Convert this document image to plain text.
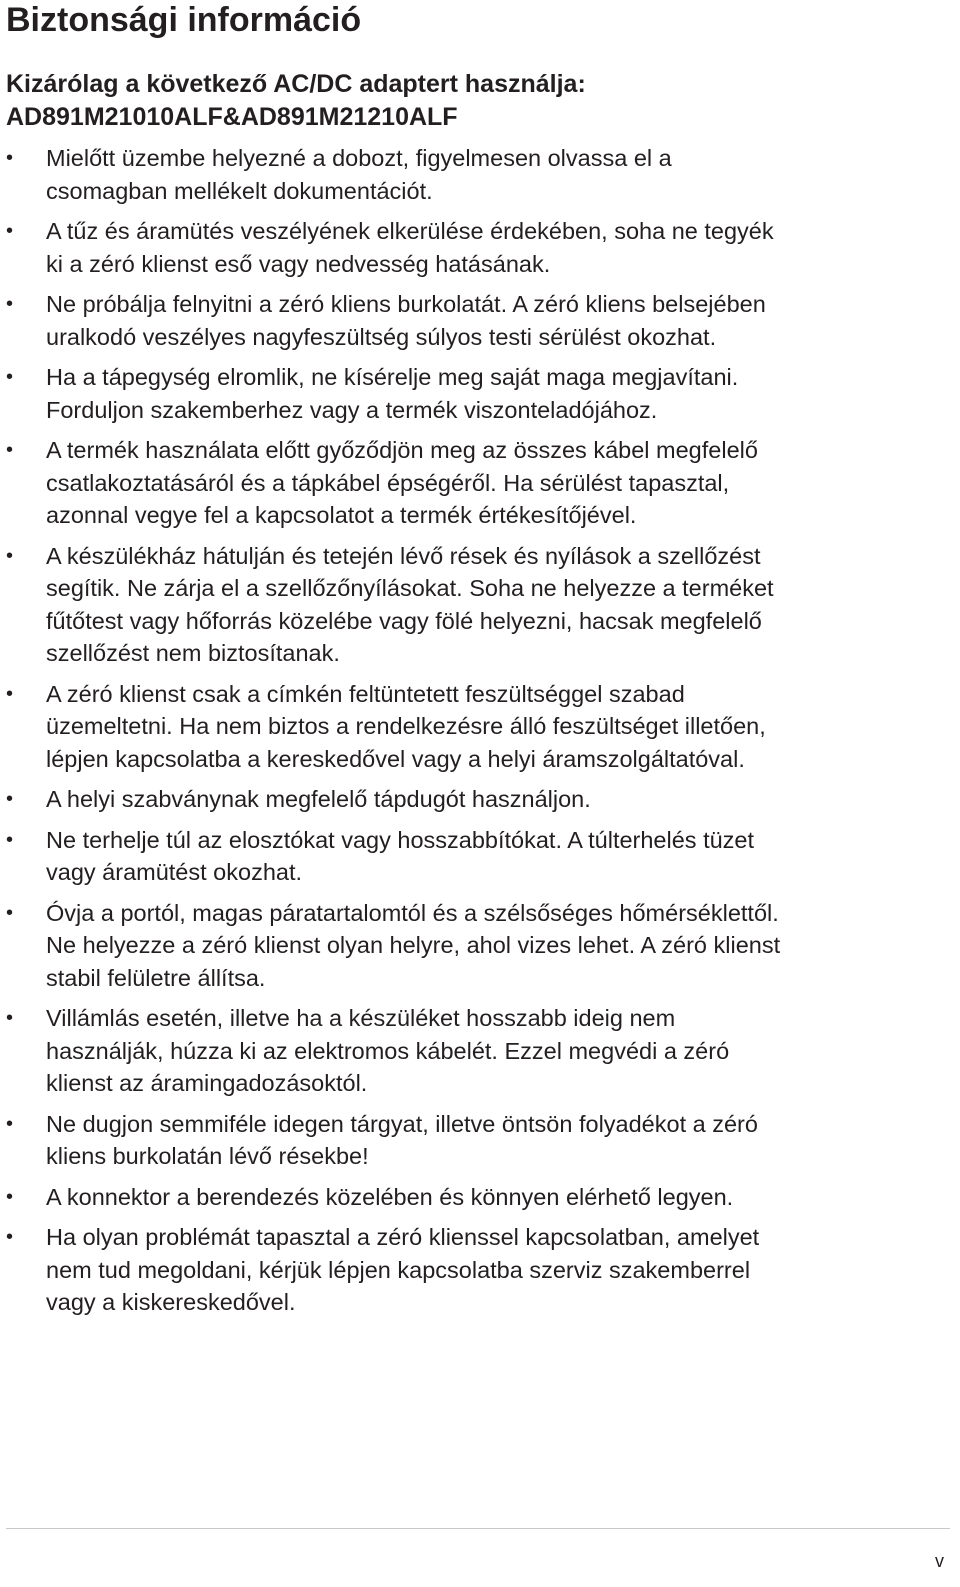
Biztonsági információ
Kizárólag a következő AC/DC adaptert használja:
AD891M21010ALF&AD891M21210ALF
• Mielőtt üzembe helyezné a dobozt, figyelmesen olvassa el a
csomagban mellékelt dokumentációt.
• A tűz és áramütés veszélyének elkerülése érdekében, soha ne tegyék
ki a zéró klienst eső vagy nedvesség hatásának.
• Ne próbálja felnyitni a zéró kliens burkolatát. A zéró kliens belsejében
uralkodó veszélyes nagyfeszültség súlyos testi sérülést okozhat.
• Ha a tápegység elromlik, ne kísérelje meg saját maga megjavítani.
Forduljon szakemberhez vagy a termék viszonteladójához.
• A termék használata előtt győződjön meg az összes kábel megfelelő
csatlakoztatásáról és a tápkábel épségéről. Ha sérülést tapasztal,
azonnal vegye fel a kapcsolatot a termék értékesítőjével.
• A készülékház hátulján és tetején lévő rések és nyílások a szellőzést
segítik. Ne zárja el a szellőzőnyílásokat. Soha ne helyezze a terméket
fűtőtest vagy hőforrás közelébe vagy fölé helyezni, hacsak megfelelő
szellőzést nem biztosítanak.
• A zéró klienst csak a címkén feltüntetett feszültséggel szabad
üzemeltetni. Ha nem biztos a rendelkezésre álló feszültséget illetően,
lépjen kapcsolatba a kereskedővel vagy a helyi áramszolgáltatóval.
• A helyi szabványnak megfelelő tápdugót használjon.
• Ne terhelje túl az elosztókat vagy hosszabbítókat. A túlterhelés tüzet
vagy áramütést okozhat.
• Óvja a portól, magas páratartalomtól és a szélsőséges hőmérséklettől.
Ne helyezze a zéró klienst olyan helyre, ahol vizes lehet. A zéró klienst
stabil felületre állítsa.
• Villámlás esetén, illetve ha a készüléket hosszabb ideig nem
használják, húzza ki az elektromos kábelét. Ezzel megvédi a zéró
klienst az áramingadozásoktól.
• Ne dugjon semmiféle idegen tárgyat, illetve öntsön folyadékot a zéró
kliens burkolatán lévő résekbe!
• A konnektor a berendezés közelében és könnyen elérhető legyen.
• Ha olyan problémát tapasztal a zéró klienssel kapcsolatban, amelyet
nem tud megoldani, kérjük lépjen kapcsolatba szerviz szakemberrel
vagy a kiskereskedővel.
v
